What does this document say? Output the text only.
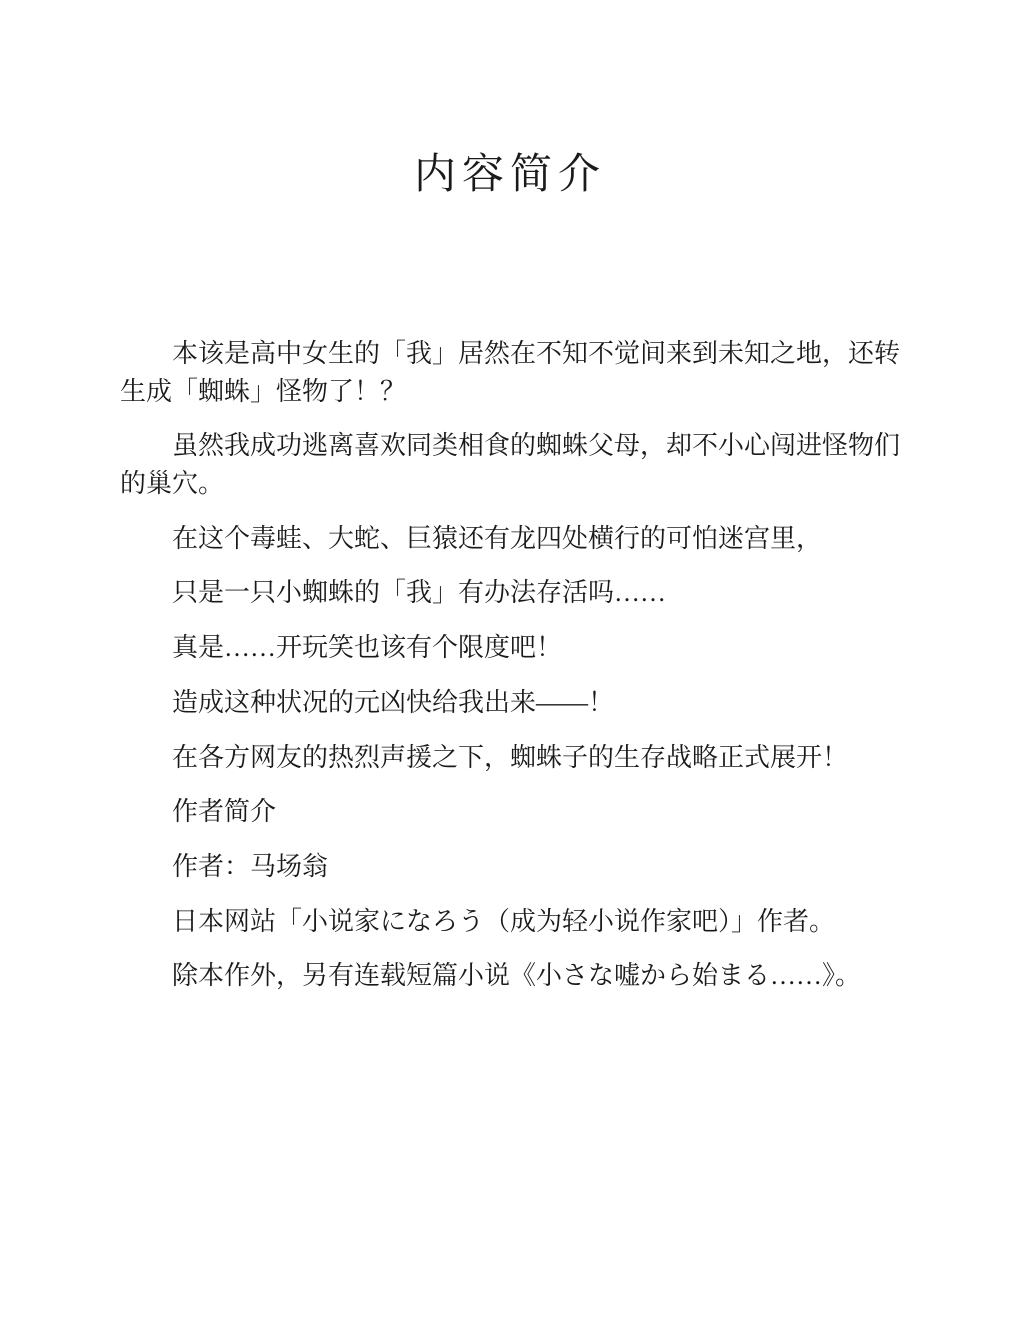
内容简介

本该是高中女生的「我」居然在不知不觉间来到未知之地，还转生成「蜘蛛」怪物了！？

虽然我成功逃离喜欢同类相食的蜘蛛父母，却不小心闯进怪物们的巢穴。

在这个毒蛙、大蛇、巨猿还有龙四处横行的可怕迷宫里，

只是一只小蜘蛛的「我」有办法存活吗……

真是……开玩笑也该有个限度吧！

造成这种状况的元凶快给我出来——！

在各方网友的热烈声援之下，蜘蛛子的生存战略正式展开！

作者简介

作者：马场翁

日本网站「小说家になろう（成为轻小说作家吧）」作者。

除本作外，另有连载短篇小说《小さな嘘から始まる……》。
